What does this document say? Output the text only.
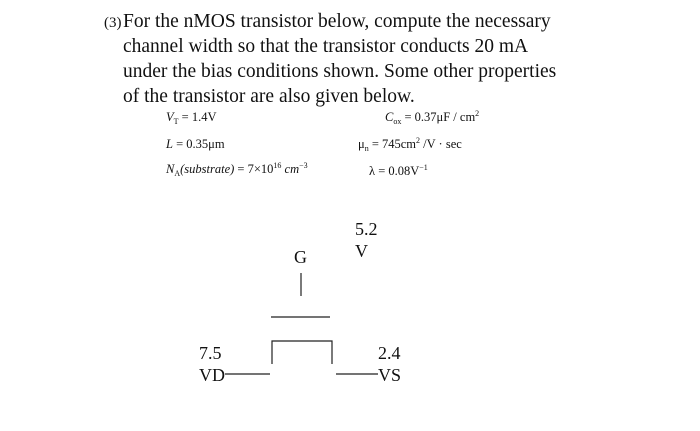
(3) For the nMOS transistor below, compute the necessary
channel width so that the transistor conducts 20 mA
under the bias conditions shown. Some other properties
of the transistor are also given below.
$V_T = 1.4V$	$C_{ox} = 0.37\mu F / cm^2$
L = 0.35μm	$\mu_n = 745cm^2$ /V · sec
$N_A(substrate) = 7\times 10^{16}$ $cm^{-3}$	$\lambda = 0.08V^{-1}$
5.2
V
G
7.5
VD
2.4
VS
